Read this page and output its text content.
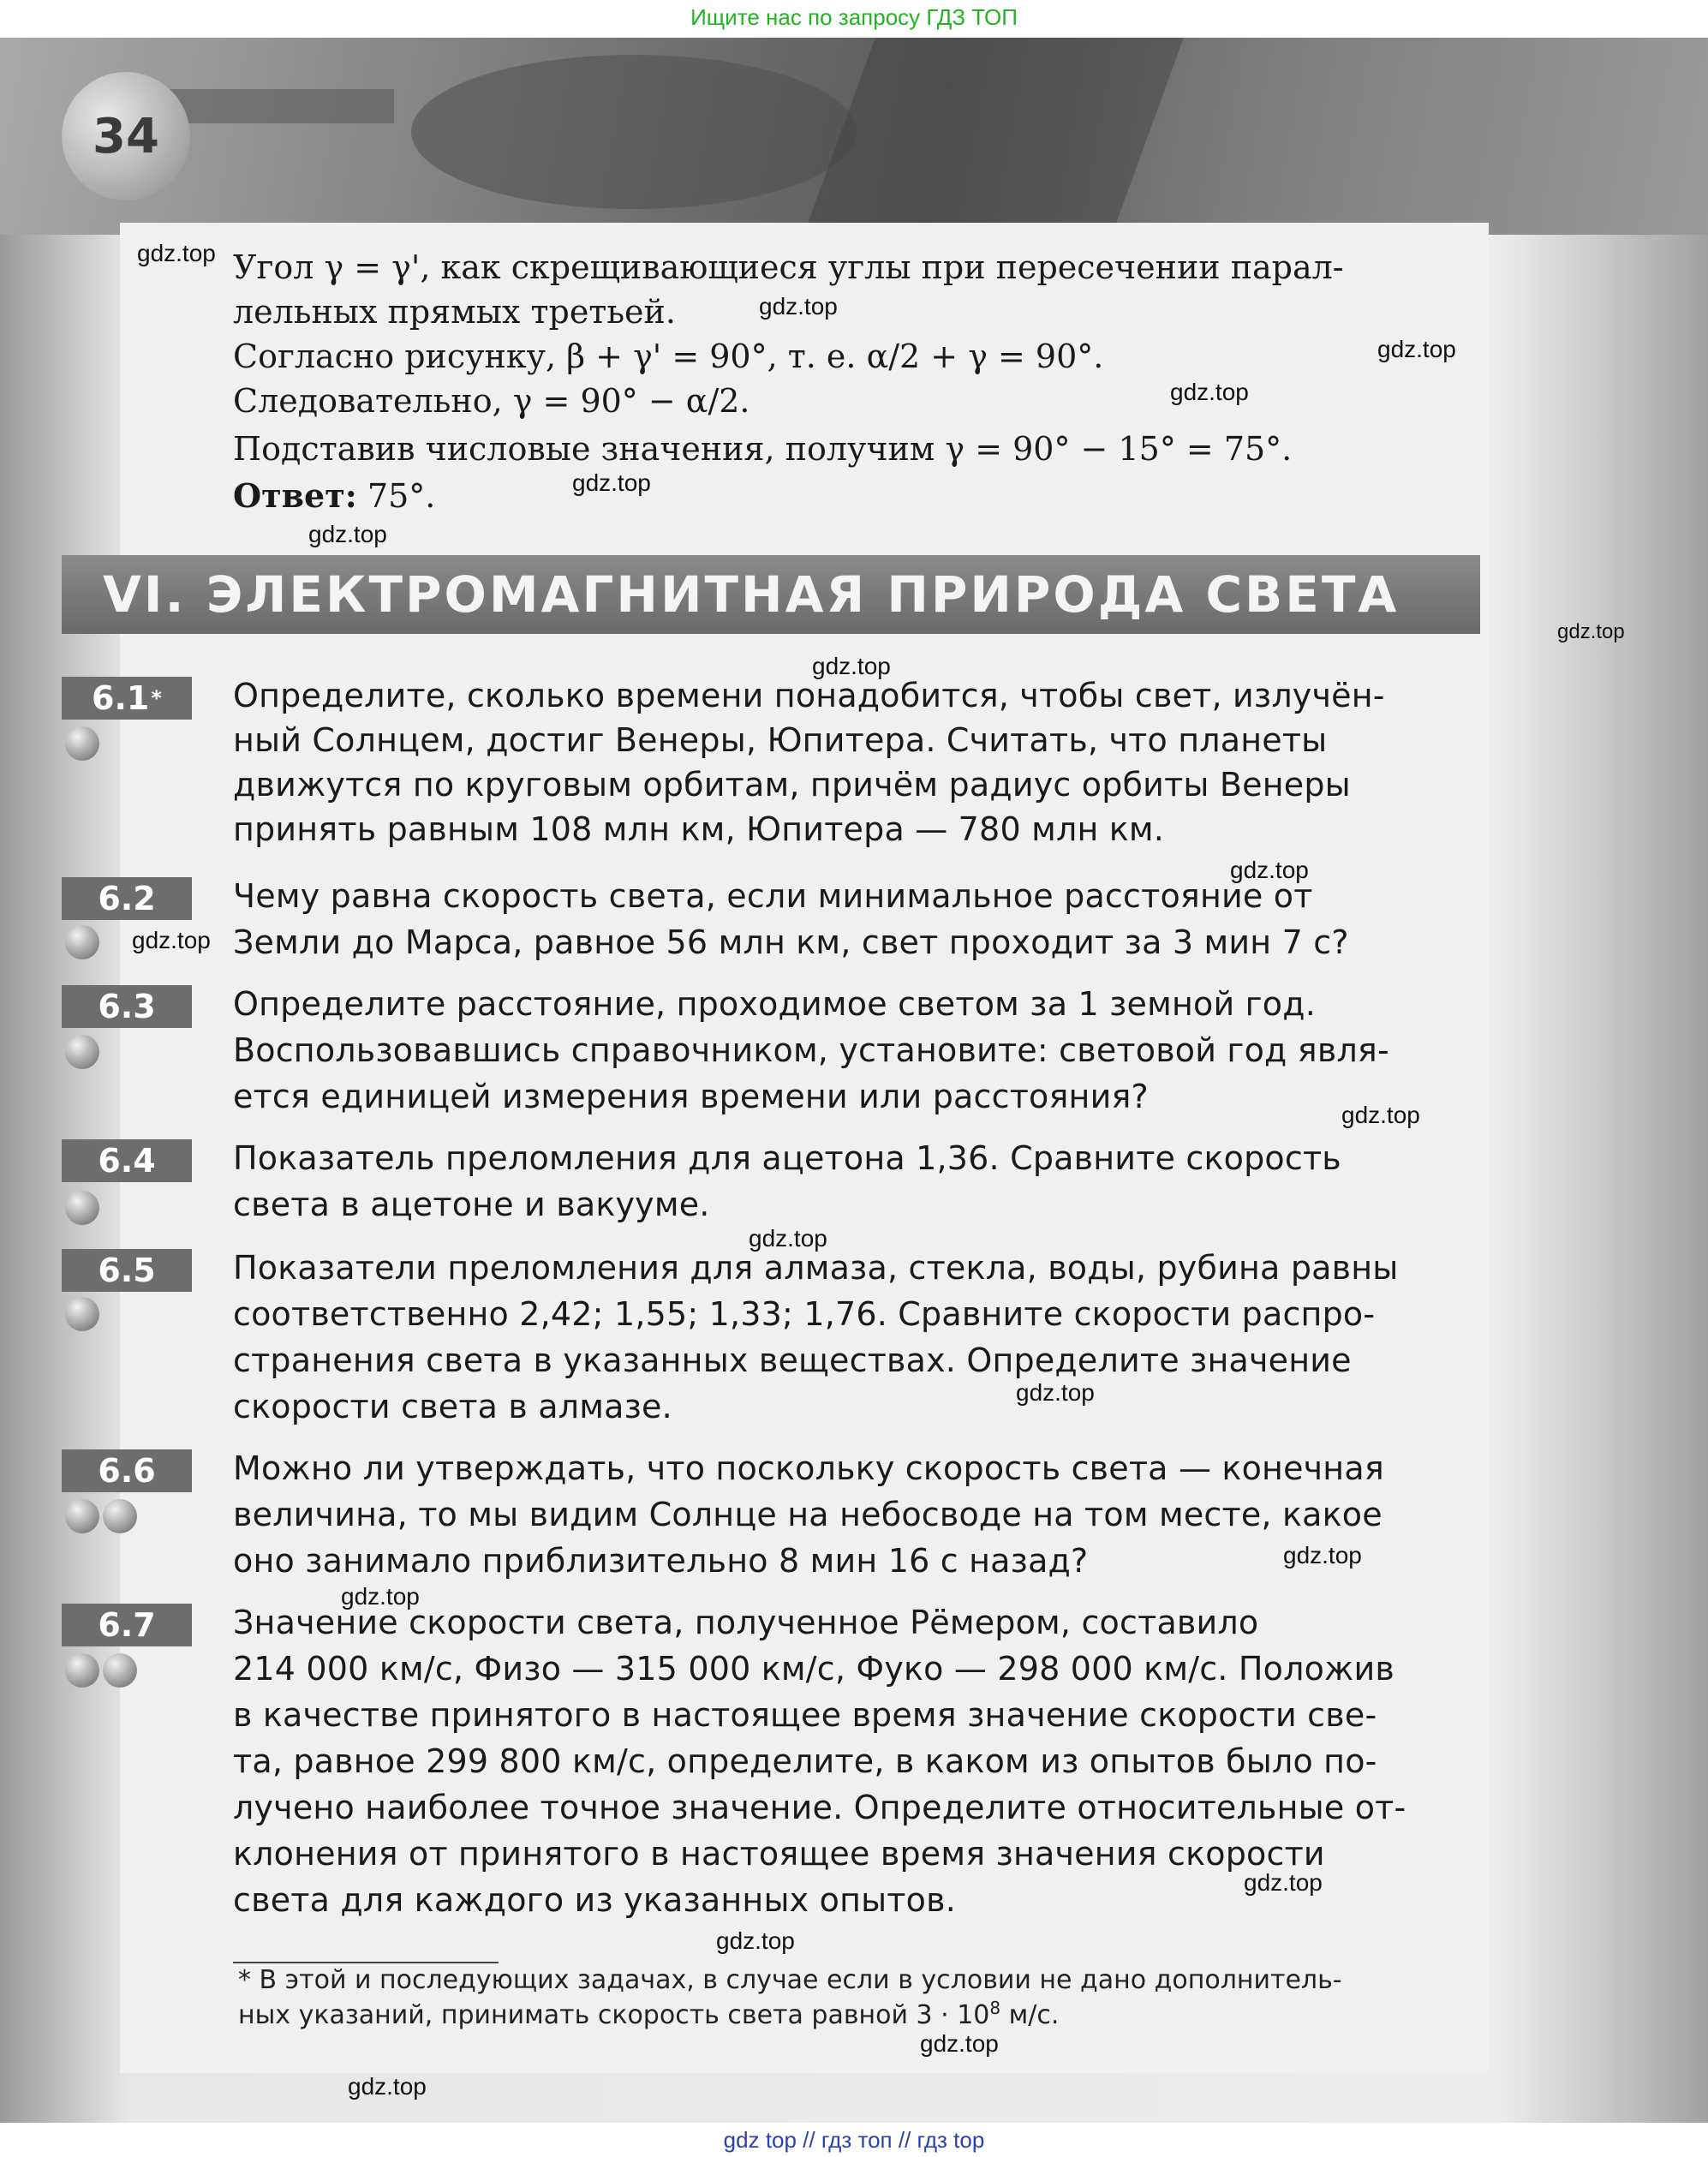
Ищите нас по запросу ГДЗ ТОП
34
Угол γ = γ', как скрещивающиеся углы при пересечении парал-
лельных прямых третьей.
Согласно рисунку, β + γ' = 90°, т. е. α/2 + γ = 90°.
Следовательно, γ = 90° − α/2.
Подставив числовые значения, получим γ = 90° − 15° = 75°.
Ответ: 75°.
VI. ЭЛЕКТРОМАГНИТНАЯ ПРИРОДА СВЕТА
6.1 * Определите, сколько времени понадобится, чтобы свет, излучён-
ный Солнцем, достиг Венеры, Юпитера. Считать, что планеты
движутся по круговым орбитам, причём радиус орбиты Венеры
принять равным 108 млн км, Юпитера — 780 млн км.
6.2 Чему равна скорость света, если минимальное расстояние от
Земли до Марса, равное 56 млн км, свет проходит за 3 мин 7 с?
6.3 Определите расстояние, проходимое светом за 1 земной год.
Воспользовавшись справочником, установите: световой год явля-
ется единицей измерения времени или расстояния?
6.4 Показатель преломления для ацетона 1,36. Сравните скорость
света в ацетоне и вакууме.
6.5 Показатели преломления для алмаза, стекла, воды, рубина равны
соответственно 2,42; 1,55; 1,33; 1,76. Сравните скорости распро-
странения света в указанных веществах. Определите значение
скорости света в алмазе.
6.6 Можно ли утверждать, что поскольку скорость света — конечная
величина, то мы видим Солнце на небосводе на том месте, какое
оно занимало приблизительно 8 мин 16 с назад?
6.7 Значение скорости света, полученное Рёмером, составило
214 000 км/с, Физо — 315 000 км/с, Фуко — 298 000 км/с. Положив
в качестве принятого в настоящее время значение скорости све-
та, равное 299 800 км/с, определите, в каком из опытов было по-
лучено наиболее точное значение. Определите относительные от-
клонения от принятого в настоящее время значения скорости
света для каждого из указанных опытов.
* В этой и последующих задачах, в случае если в условии не дано дополнитель-
ных указаний, принимать скорость света равной $3 \cdot 10^8$ м/с.
gdz.top
gdz.top
gdz.top
gdz.top
gdz.top
gdz.top
gdz.top
gdz.top
gdz.top
gdz.top
gdz.top
gdz.top
gdz.top
gdz.top
gdz.top
gdz.top
gdz.top
gdz.top
gdz.top
gdz top // гдз топ // гдз top
